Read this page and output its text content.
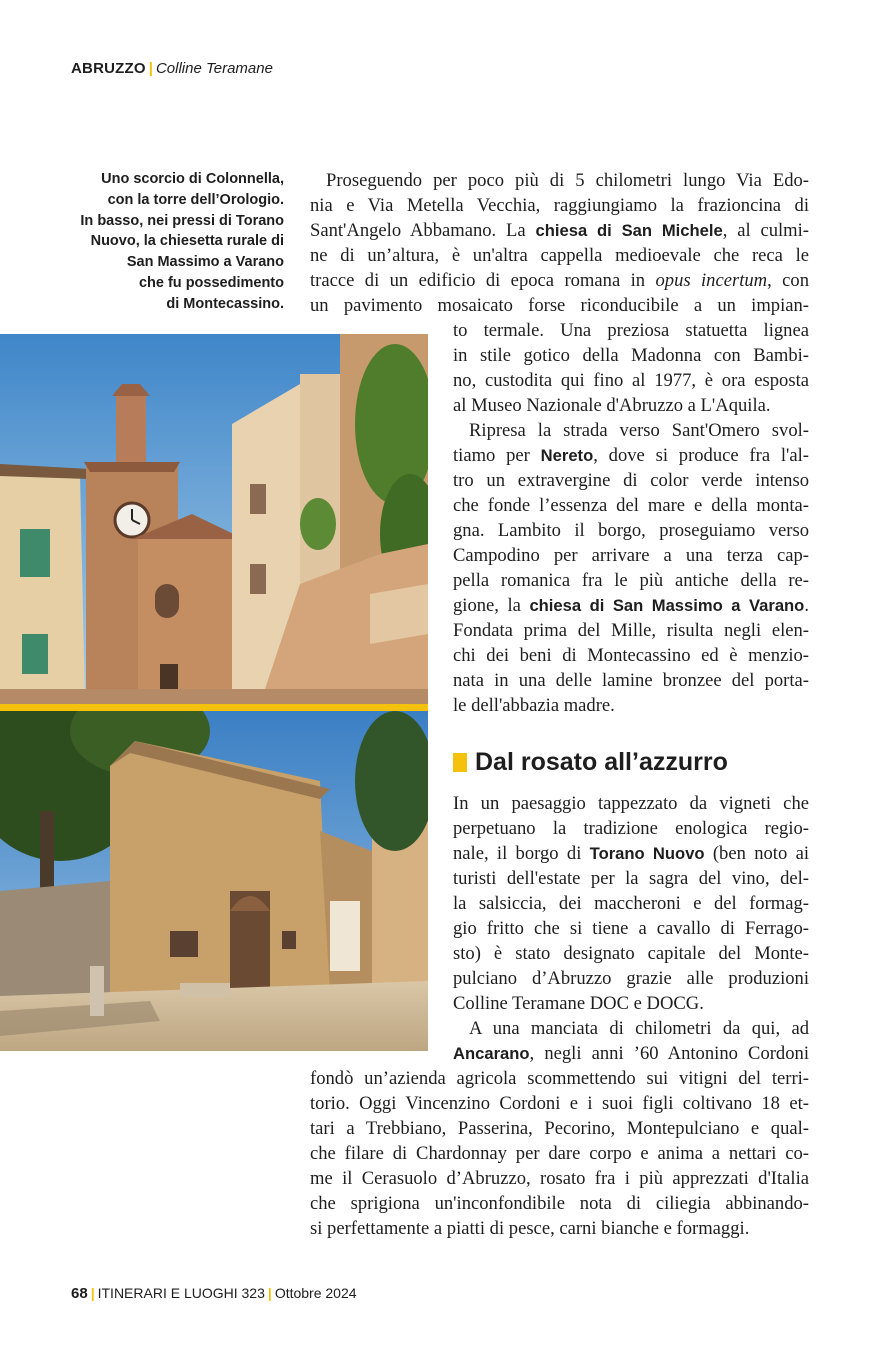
ABRUZZO | Colline Teramane
Uno scorcio di Colonnella,
con la torre dell’Orologio.
In basso, nei pressi di Torano
Nuovo, la chiesetta rurale di
San Massimo a Varano
che fu possedimento
di Montecassino.
Proseguendo per poco più di 5 chilometri lungo Via Edo-
nia e Via Metella Vecchia, raggiungiamo la frazioncina di
Sant'Angelo Abbamano. La chiesa di San Michele, al culmi-
ne di un’altura, è un'altra cappella medioevale che reca le
tracce di un edificio di epoca romana in opus incertum, con
un pavimento mosaicato forse riconducibile a un impian-
to termale. Una preziosa statuetta lignea
in stile gotico della Madonna con Bambi-
no, custodita qui fino al 1977, è ora esposta
al Museo Nazionale d'Abruzzo a L'Aquila.
Ripresa la strada verso Sant'Omero svol-
tiamo per Nereto, dove si produce fra l'al-
tro un extravergine di color verde intenso
che fonde l’essenza del mare e della monta-
gna. Lambito il borgo, proseguiamo verso
Campodino per arrivare a una terza cap-
pella romanica fra le più antiche della re-
gione, la chiesa di San Massimo a Varano.
Fondata prima del Mille, risulta negli elen-
chi dei beni di Montecassino ed è menzio-
nata in una delle lamine bronzee del porta-
le dell'abbazia madre.
Dal rosato all’azzurro
In un paesaggio tappezzato da vigneti che
perpetuano la tradizione enologica regio-
nale, il borgo di Torano Nuovo (ben noto ai
turisti dell'estate per la sagra del vino, del-
la salsiccia, dei maccheroni e del formag-
gio fritto che si tiene a cavallo di Ferrago-
sto) è stato designato capitale del Monte-
pulciano d’Abruzzo grazie alle produzioni
Colline Teramane DOC e DOCG.
A una manciata di chilometri da qui, ad
Ancarano, negli anni ’60 Antonino Cordoni
fondò un’azienda agricola scommettendo sui vitigni del terri-
torio. Oggi Vincenzino Cordoni e i suoi figli coltivano 18 et-
tari a Trebbiano, Passerina, Pecorino, Montepulciano e qual-
che filare di Chardonnay per dare corpo e anima a nettari co-
me il Cerasuolo d’Abruzzo, rosato fra i più apprezzati d'Italia
che sprigiona un'inconfondibile nota di ciliegia abbinando-
si perfettamente a piatti di pesce, carni bianche e formaggi.
68 | ITINERARI E LUOGHI 323 | Ottobre 2024
